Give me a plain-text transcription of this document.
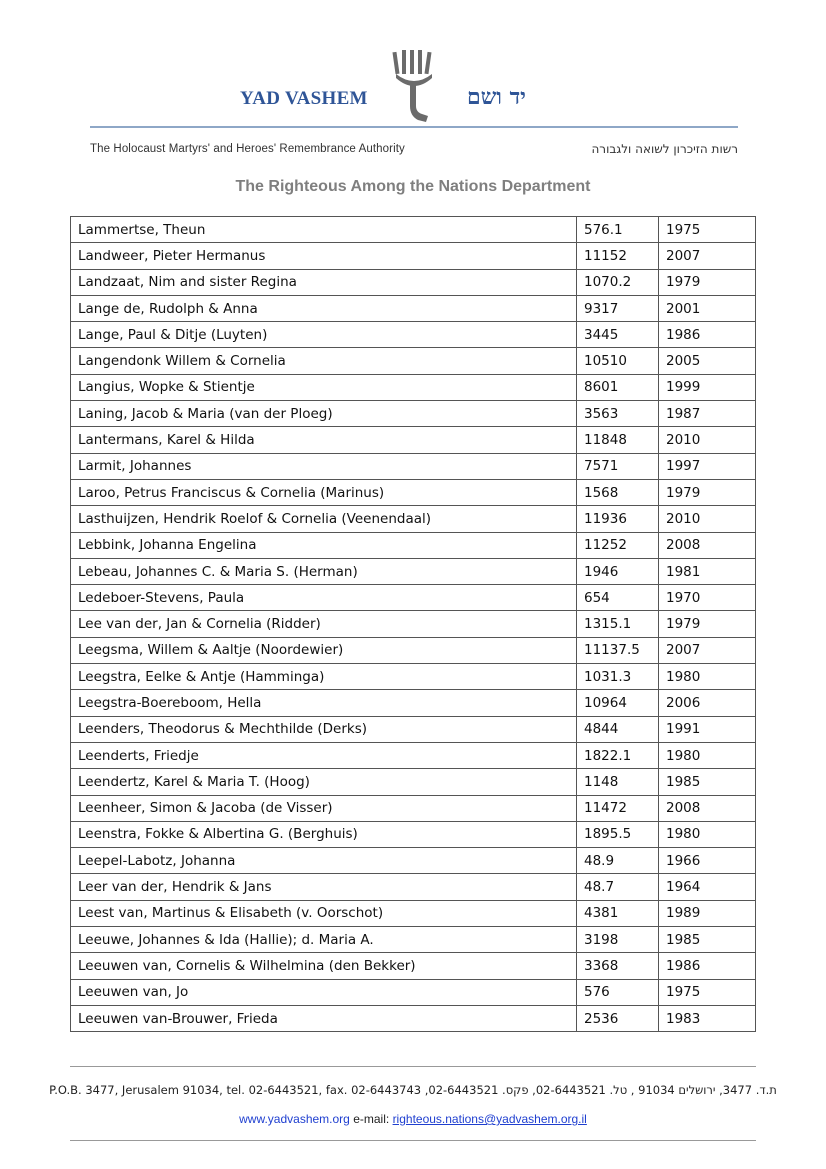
YAD VASHEM	יד ושם
The Holocaust Martyrs' and Heroes' Remembrance Authority	רשות הזיכרון לשואה ולגבורה
The Righteous Among the Nations Department
Lammertse, Theun	576.1	1975
Landweer, Pieter Hermanus	11152	2007
Landzaat, Nim and sister Regina	1070.2	1979
Lange de, Rudolph & Anna	9317	2001
Lange, Paul & Ditje (Luyten)	3445	1986
Langendonk Willem & Cornelia	10510	2005
Langius, Wopke & Stientje	8601	1999
Laning, Jacob & Maria (van der Ploeg)	3563	1987
Lantermans, Karel & Hilda	11848	2010
Larmit, Johannes	7571	1997
Laroo, Petrus Franciscus & Cornelia (Marinus)	1568	1979
Lasthuijzen, Hendrik Roelof & Cornelia (Veenendaal)	11936	2010
Lebbink, Johanna Engelina	11252	2008
Lebeau, Johannes C. & Maria S. (Herman)	1946	1981
Ledeboer-Stevens, Paula	654	1970
Lee van der, Jan & Cornelia (Ridder)	1315.1	1979
Leegsma, Willem & Aaltje (Noordewier)	11137.5	2007
Leegstra, Eelke & Antje (Hamminga)	1031.3	1980
Leegstra-Boereboom, Hella	10964	2006
Leenders, Theodorus & Mechthilde (Derks)	4844	1991
Leenderts, Friedje	1822.1	1980
Leendertz, Karel & Maria T. (Hoog)	1148	1985
Leenheer, Simon & Jacoba (de Visser)	11472	2008
Leenstra, Fokke & Albertina G. (Berghuis)	1895.5	1980
Leepel-Labotz, Johanna	48.9	1966
Leer van der, Hendrik & Jans	48.7	1964
Leest van, Martinus & Elisabeth (v. Oorschot)	4381	1989
Leeuwe, Johannes & Ida (Hallie); d. Maria A.	3198	1985
Leeuwen van, Cornelis & Wilhelmina (den Bekker)	3368	1986
Leeuwen van, Jo	576	1975
Leeuwen van-Brouwer, Frieda	2536	1983
P.O.B. 3477, Jerusalem 91034, tel. 02-6443521, fax. 02-6443743 ,02-6443521 .ת.ד. 3477, ירושלים 91034 , טל. 02-6443521, פקס
www.yadvashem.org e-mail: righteous.nations@yadvashem.org.il
